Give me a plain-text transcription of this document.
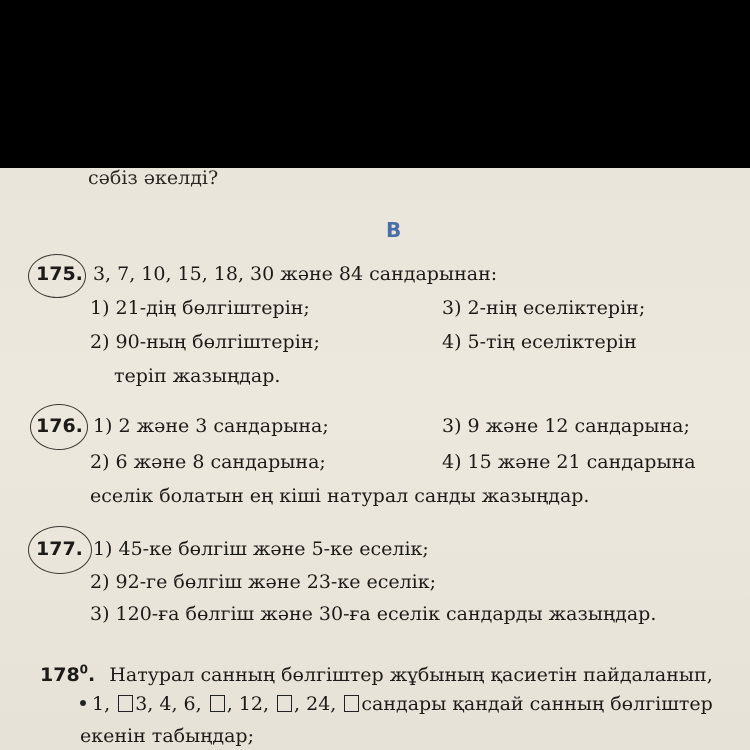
сәбіз әкелді?
В
175. 3, 7, 10, 15, 18, 30 және 84 сандарынан:
1) 21-дің бөлгіштерін;	3) 2-нің еселіктерін;
2) 90-ның бөлгіштерін;	4) 5-тің еселіктерін
теріп жазыңдар.
176. 1) 2 және 3 сандарына;	3) 9 және 12 сандарына;
2) 6 және 8 сандарына;	4) 15 және 21 сандарына
еселік болатын ең кіші натурал санды жазыңдар.
177. 1) 45-ке бөлгіш және 5-ке еселік;
2) 92-ге бөлгіш және 23-ке еселік;
3) 120-ға бөлгіш және 30-ға еселік сандарды жазыңдар.
$178^0$. Натурал санның бөлгіштер жұбының қасиетін пайдаланып,
1, 3, 4, 6, , 12, , 24, сандары қандай санның бөлгіштер
екенін табыңдар;
